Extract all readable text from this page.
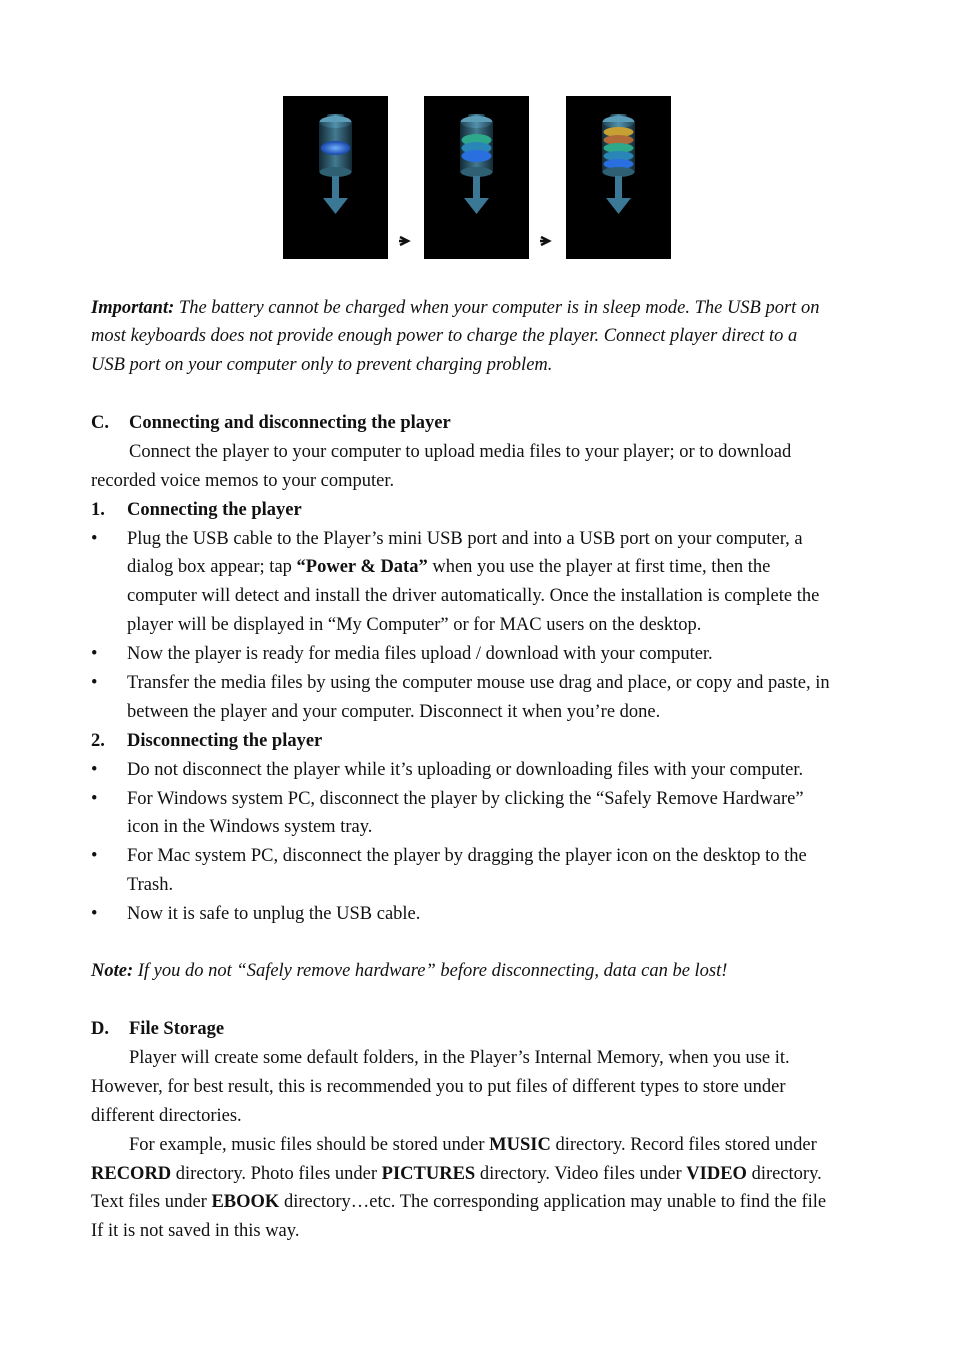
Important: The battery cannot be charged when your computer is in sleep mode. The USB port on
most keyboards does not provide enough power to charge the player. Connect player direct to a
USB port on your computer only to prevent charging problem.
C. Connecting and disconnecting the player
Connect the player to your computer to upload media files to your player; or to download
recorded voice memos to your computer.
1. Connecting the player
•	Plug the USB cable to the Player’s mini USB port and into a USB port on your computer, a
dialog box appear; tap “Power & Data” when you use the player at first time, then the
computer will detect and install the driver automatically. Once the installation is complete the
player will be displayed in “My Computer” or for MAC users on the desktop.
•	Now the player is ready for media files upload / download with your computer.
•	Transfer the media files by using the computer mouse use drag and place, or copy and paste, in
between the player and your computer. Disconnect it when you’re done.
2. Disconnecting the player
•	Do not disconnect the player while it’s uploading or downloading files with your computer.
•	For Windows system PC, disconnect the player by clicking the “Safely Remove Hardware”
icon in the Windows system tray.
•	For Mac system PC, disconnect the player by dragging the player icon on the desktop to the
Trash.
•	Now it is safe to unplug the USB cable.
Note: If you do not “Safely remove hardware” before disconnecting, data can be lost!
D. File Storage
Player will create some default folders, in the Player’s Internal Memory, when you use it.
However, for best result, this is recommended you to put files of different types to store under
different directories.
For example, music files should be stored under MUSIC directory. Record files stored under
RECORD directory. Photo files under PICTURES directory. Video files under VIDEO directory.
Text files under EBOOK directory…etc. The corresponding application may unable to find the file
If it is not saved in this way.
